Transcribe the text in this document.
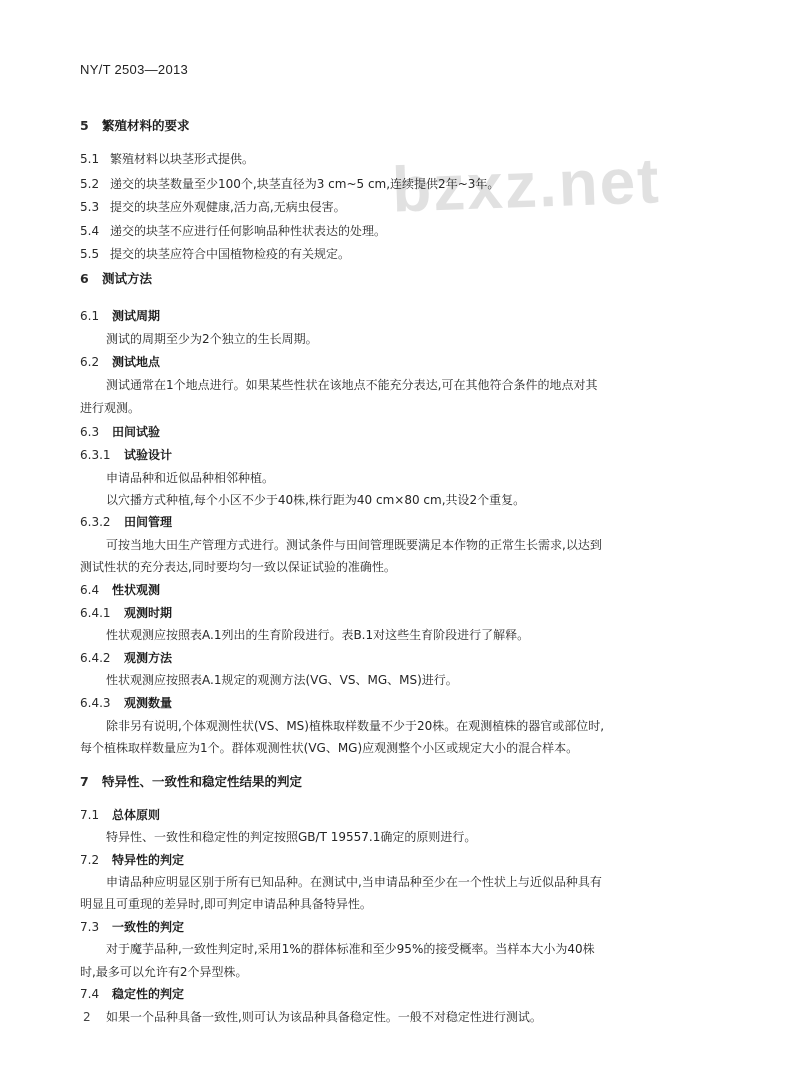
NY/T 2503—2013
bzxz.net
5 繁殖材料的要求
5.1 繁殖材料以块茎形式提供。
5.2 递交的块茎数量至少100个,块茎直径为3 cm~5 cm,连续提供2年~3年。
5.3 提交的块茎应外观健康,活力高,无病虫侵害。
5.4 递交的块茎不应进行任何影响品种性状表达的处理。
5.5 提交的块茎应符合中国植物检疫的有关规定。
6 测试方法
6.1 测试周期
测试的周期至少为2个独立的生长周期。
6.2 测试地点
测试通常在1个地点进行。如果某些性状在该地点不能充分表达,可在其他符合条件的地点对其
进行观测。
6.3 田间试验
6.3.1 试验设计
申请品种和近似品种相邻种植。
以穴播方式种植,每个小区不少于40株,株行距为40 cm×80 cm,共设2个重复。
6.3.2 田间管理
可按当地大田生产管理方式进行。测试条件与田间管理既要满足本作物的正常生长需求,以达到
测试性状的充分表达,同时要均匀一致以保证试验的准确性。
6.4 性状观测
6.4.1 观测时期
性状观测应按照表A.1列出的生育阶段进行。表B.1对这些生育阶段进行了解释。
6.4.2 观测方法
性状观测应按照表A.1规定的观测方法(VG、VS、MG、MS)进行。
6.4.3 观测数量
除非另有说明,个体观测性状(VS、MS)植株取样数量不少于20株。在观测植株的器官或部位时,
每个植株取样数量应为1个。群体观测性状(VG、MG)应观测整个小区或规定大小的混合样本。
7 特异性、一致性和稳定性结果的判定
7.1 总体原则
特异性、一致性和稳定性的判定按照GB/T 19557.1确定的原则进行。
7.2 特异性的判定
申请品种应明显区别于所有已知品种。在测试中,当申请品种至少在一个性状上与近似品种具有
明显且可重现的差异时,即可判定申请品种具备特异性。
7.3 一致性的判定
对于魔芋品种,一致性判定时,采用1%的群体标准和至少95%的接受概率。当样本大小为40株
时,最多可以允许有2个异型株。
7.4 稳定性的判定
如果一个品种具备一致性,则可认为该品种具备稳定性。一般不对稳定性进行测试。
2
